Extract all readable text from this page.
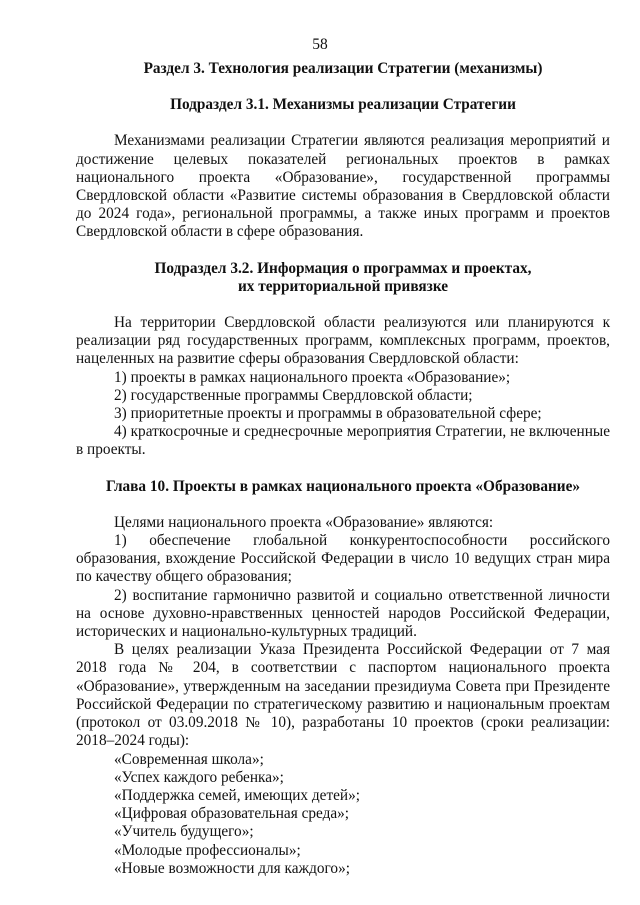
58

Раздел 3. Технология реализации Стратегии (механизмы)

Подраздел 3.1. Механизмы реализации Стратегии

Механизмами реализации Стратегии являются реализация мероприятий и достижение целевых показателей региональных проектов в рамках национального проекта «Образование», государственной программы Свердловской области «Развитие системы образования в Свердловской области до 2024 года», региональной программы, а также иных программ и проектов Свердловской области в сфере образования.

Подраздел 3.2. Информация о программах и проектах,
их территориальной привязке

На территории Свердловской области реализуются или планируются к реализации ряд государственных программ, комплексных программ, проектов, нацеленных на развитие сферы образования Свердловской области:

1) проекты в рамках национального проекта «Образование»;

2) государственные программы Свердловской области;

3) приоритетные проекты и программы в образовательной сфере;

4) краткосрочные и среднесрочные мероприятия Стратегии, не включенные в проекты.

Глава 10. Проекты в рамках национального проекта «Образование»

Целями национального проекта «Образование» являются:

1) обеспечение глобальной конкурентоспособности российского образования, вхождение Российской Федерации в число 10 ведущих стран мира по качеству общего образования;

2) воспитание гармонично развитой и социально ответственной личности на основе духовно-нравственных ценностей народов Российской Федерации, исторических и национально-культурных традиций.

В целях реализации Указа Президента Российской Федерации от 7 мая 2018 года № 204, в соответствии с паспортом национального проекта «Образование», утвержденным на заседании президиума Совета при Президенте Российской Федерации по стратегическому развитию и национальным проектам (протокол от 03.09.2018 № 10), разработаны 10 проектов (сроки реализации: 2018–2024 годы):

«Современная школа»;

«Успех каждого ребенка»;

«Поддержка семей, имеющих детей»;

«Цифровая образовательная среда»;

«Учитель будущего»;

«Молодые профессионалы»;

«Новые возможности для каждого»;
